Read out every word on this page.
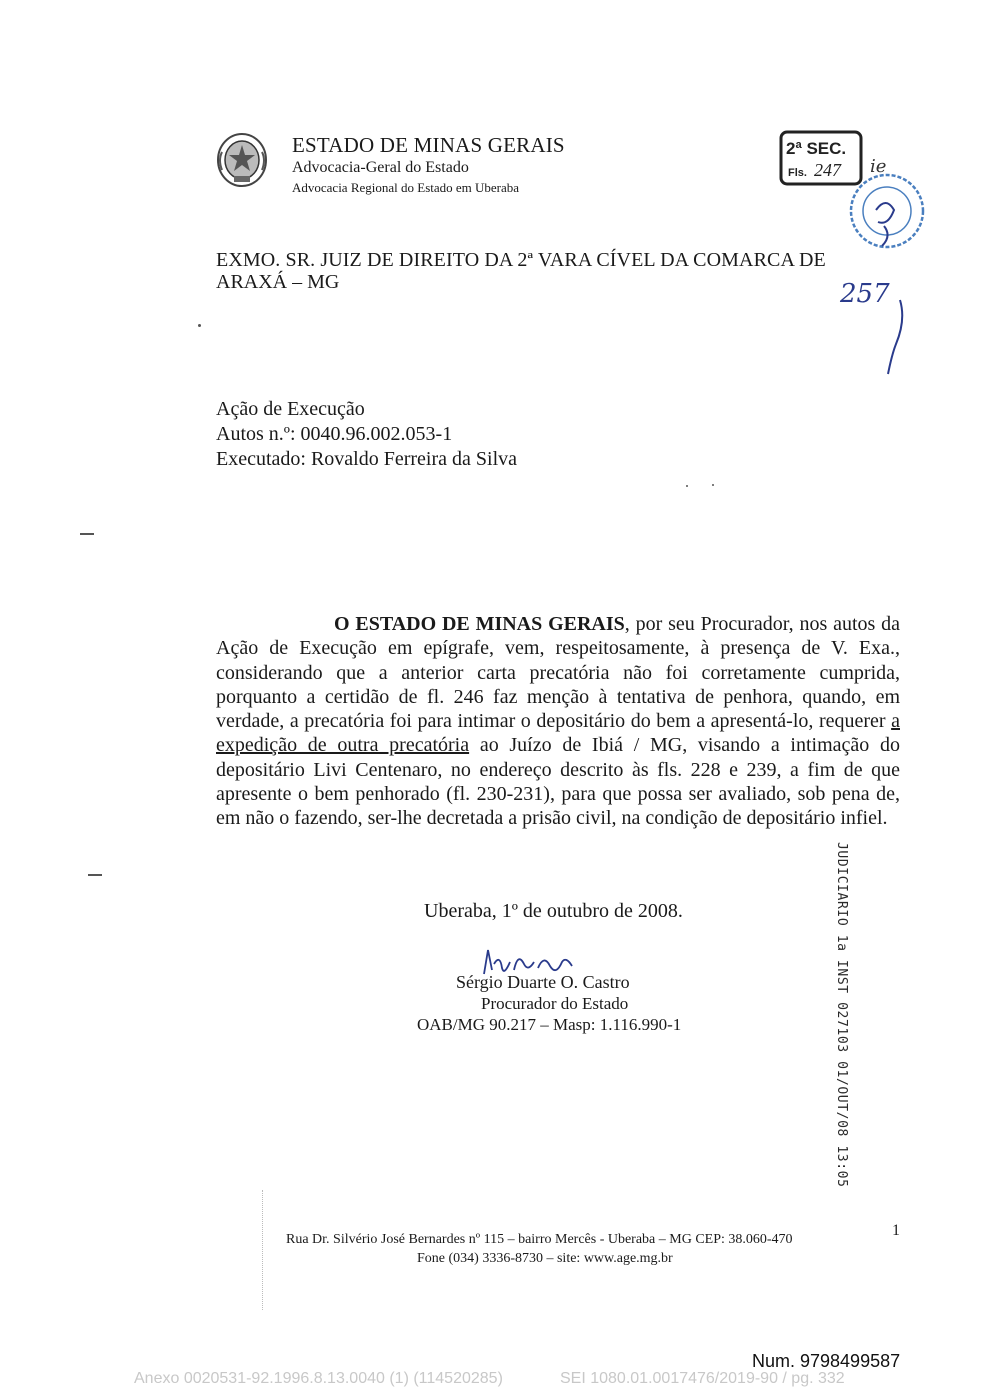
ESTADO DE MINAS GERAIS
Advocacia-Geral do Estado
Advocacia Regional do Estado em Uberaba
2ª SEC.
Fls. 247 ie
257
EXMO. SR. JUIZ DE DIREITO DA 2ª VARA CÍVEL DA COMARCA DE
ARAXÁ – MG
Ação de Execução
Autos n.º: 0040.96.002.053-1
Executado: Rovaldo Ferreira da Silva
O ESTADO DE MINAS GERAIS, por seu Procurador, nos autos da Ação de Execução em epígrafe, vem, respeitosamente, à presença de V. Exa., considerando que a anterior carta precatória não foi corretamente cumprida, porquanto a certidão de fl. 246 faz menção à tentativa de penhora, quando, em verdade, a precatória foi para intimar o depositário do bem a apresentá-lo, requerer a expedição de outra precatória ao Juízo de Ibiá / MG, visando a intimação do depositário Livi Centenaro, no endereço descrito às fls. 228 e 239, a fim de que apresente o bem penhorado (fl. 230-231), para que possa ser avaliado, sob pena de, em não o fazendo, ser-lhe decretada a prisão civil, na condição de depositário infiel.
Uberaba, 1º de outubro de 2008.
Sérgio Duarte O. Castro
Procurador do Estado
OAB/MG 90.217 – Masp: 1.116.990-1	JUDICIARIO 1a INST 027103 01/OUT/08 13:05
1
Rua Dr. Silvério José Bernardes nº 115 – bairro Mercês - Uberaba – MG CEP: 38.060-470
Fone (034) 3336-8730 – site: www.age.mg.br
Num. 9798499587
Anexo 0020531-92.1996.8.13.0040 (1) (114520285)	SEI 1080.01.0017476/2019-90 / pg. 332
